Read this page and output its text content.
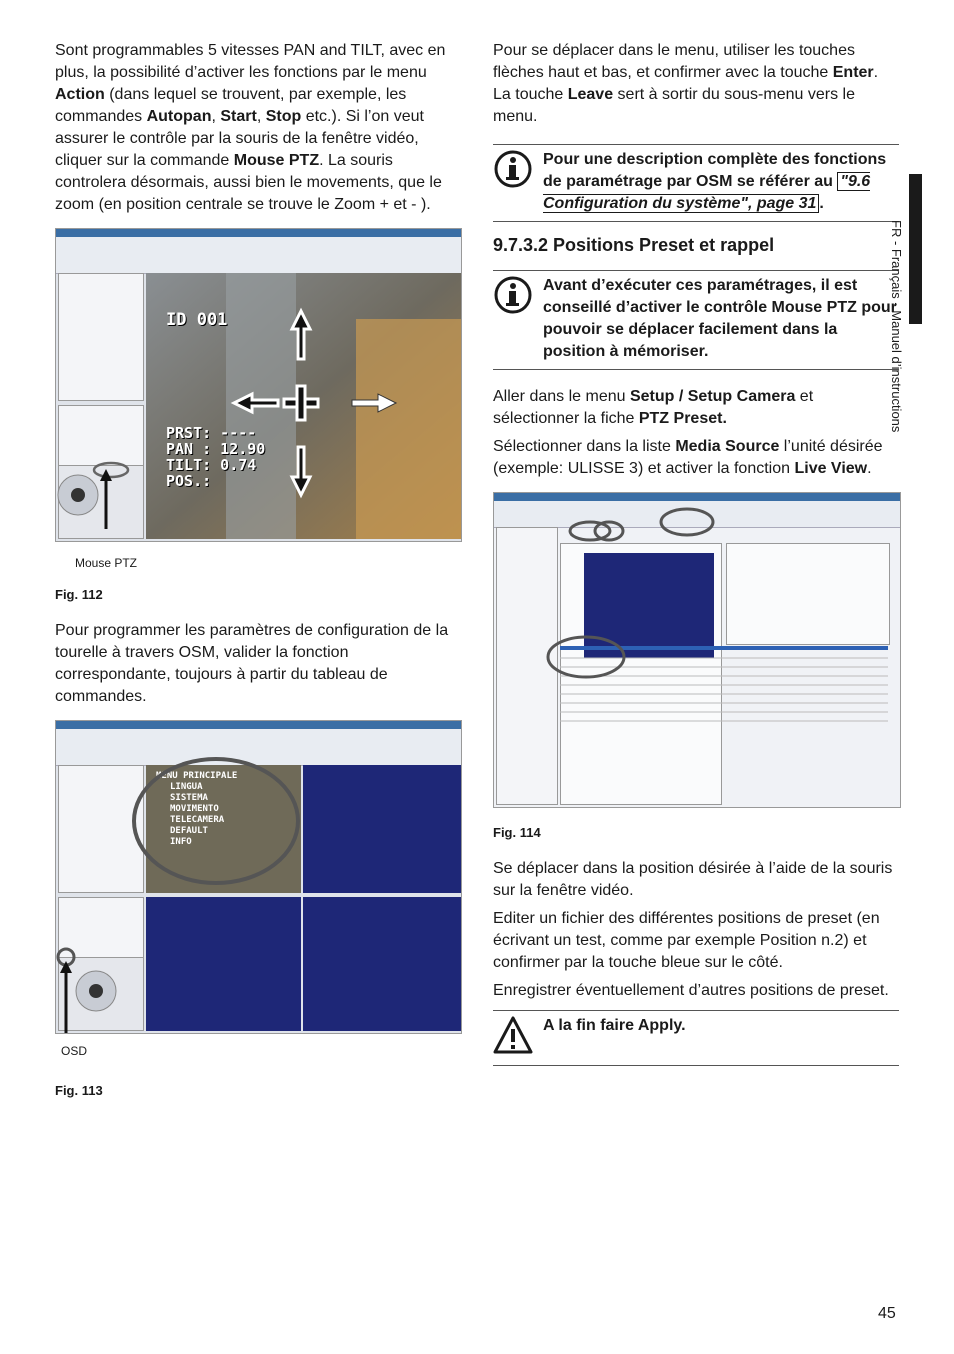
Sont programmables 5 vitesses PAN and TILT, avec en plus, la possibilité d’activer les fonctions par le menu Action (dans lequel se trouvent, par exemple, les commandes Autopan, Start, Stop etc.). Si l’on veut assurer le contrôle par la souris de la fenêtre vidéo, cliquer sur la commande Mouse PTZ. La souris controlera désormais, aussi bien le movements, que le zoom (en position centrale se trouve le Zoom + et - ).

ID 001
PRST: ----
PAN : 12.90
TILT: 0.74
POS.:
Mouse PTZ
Fig. 112

Pour programmer les paramètres de configuration de la tourelle à travers OSM, valider la fonction correspondante, toujours à partir du tableau de commandes.

MENU PRINCIPALE
LINGUA
SISTEMA
MOVIMENTO
TELECAMERA
DEFAULT
INFO
OSD
Fig. 113

Pour se déplacer dans le menu, utiliser les touches flèches haut et bas, et confirmer avec la touche Enter. La touche Leave sert à sortir du sous-menu vers le menu.

Pour une description complète des fonctions de paramétrage par OSM se référer au "9.6 Configuration du système", page 31 .
9.7.3.2 Positions Preset et rappel
Avant d’exécuter ces paramétrages, il est conseillé d’activer le contrôle Mouse PTZ pour pouvoir se déplacer facilement dans la position à mémoriser.

Aller dans le menu Setup / Setup Camera et sélectionner la fiche PTZ Preset.

Sélectionner dans la liste Media Source l’unité désirée (exemple: ULISSE 3) et activer la fonction Live View.

Fig. 114

Se déplacer dans la position désirée à l’aide de la souris sur la fenêtre vidéo.

Editer un fichier des différentes positions de preset (en écrivant un test, comme par exemple Position n.2) et confirmer par la touche bleue sur le côté.

Enregistrer éventuellement d’autres positions de preset.

A la fin faire Apply.
FR - Français - Manuel d’instructions
45
